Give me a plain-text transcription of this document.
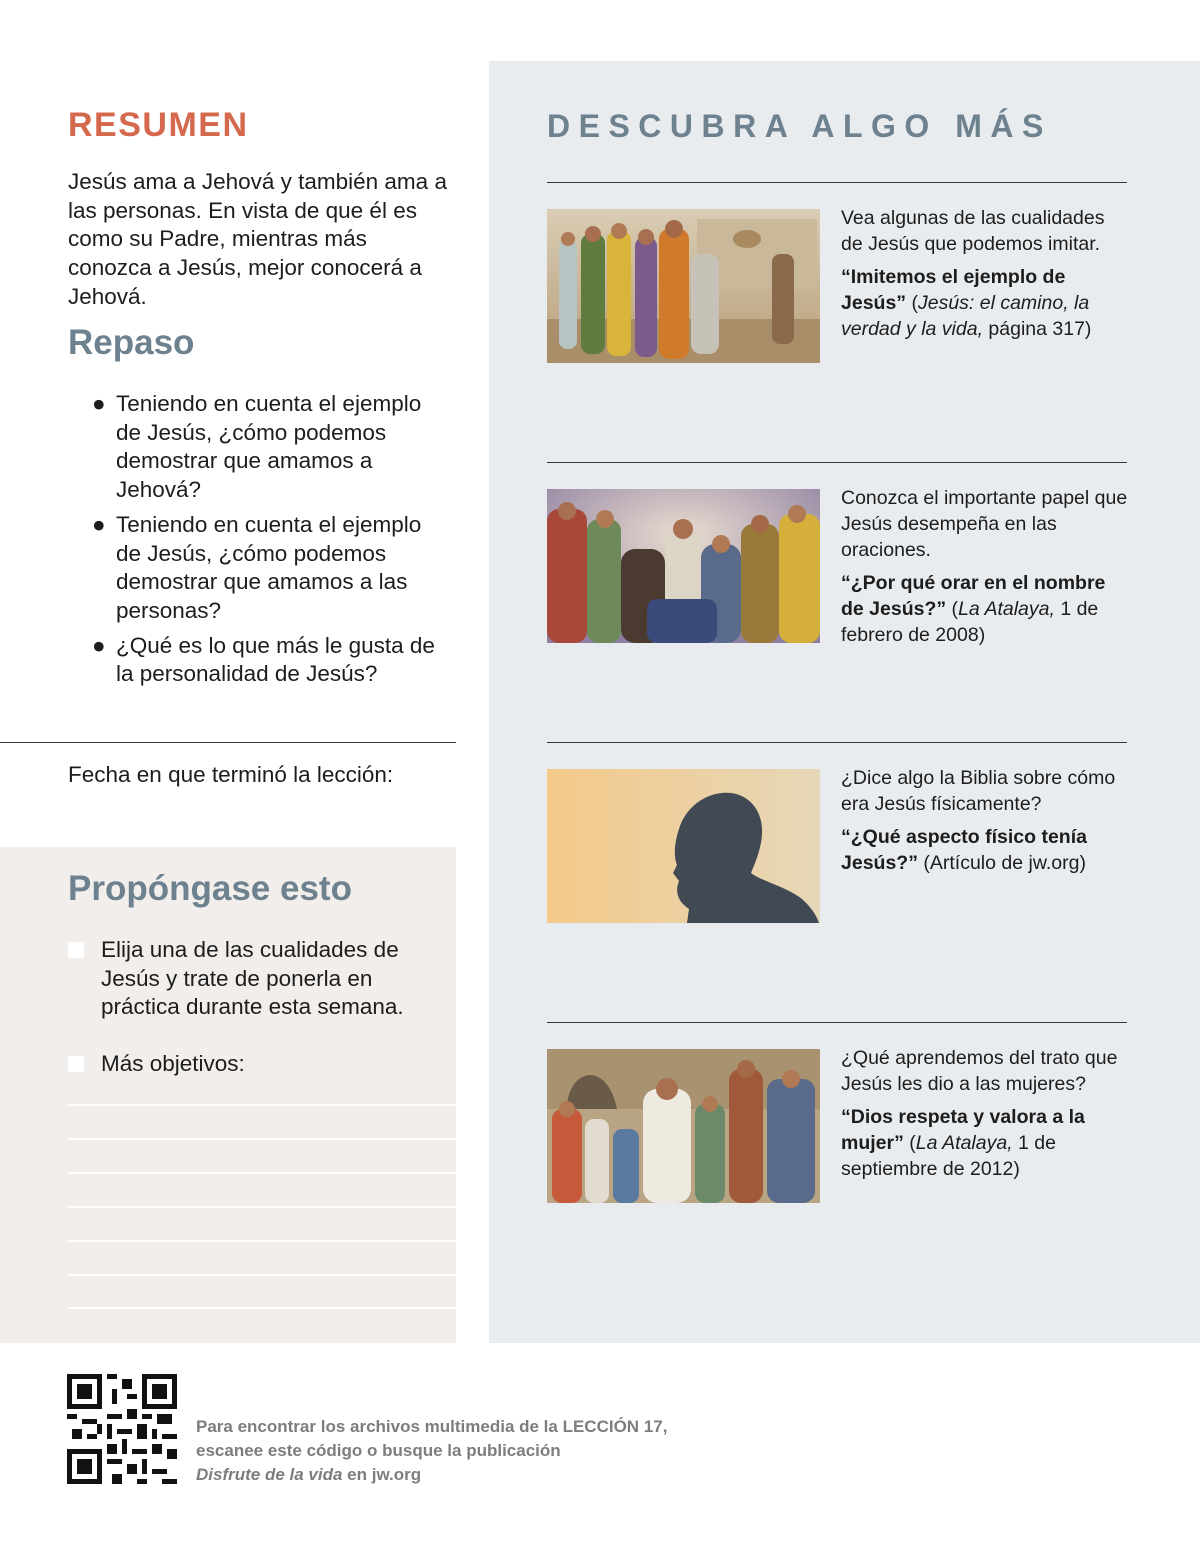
RESUMEN

Jesús ama a Jehová y también ama a las personas. En vista de que él es como su Padre, mientras más conozca a Jesús, mejor conocerá a Jehová.

Repaso
● Teniendo en cuenta el ejemplo de Jesús, ¿cómo podemos demostrar que amamos a Jehová?
● Teniendo en cuenta el ejemplo de Jesús, ¿cómo podemos demostrar que amamos a las personas?
● ¿Qué es lo que más le gusta de la personalidad de Jesús?

Fecha en que terminó la lección:

Propóngase esto
Elija una de las cualidades de Jesús y trate de ponerla en práctica durante esta semana.
Más objetivos:
DESCUBRA ALGO MÁS

Vea algunas de las cualidades de Jesús que podemos imitar.

“Imitemos el ejemplo de Jesús” (Jesús: el camino, la verdad y la vida, página 317)

Conozca el importante papel que Jesús desempeña en las oraciones.

“¿Por qué orar en el nombre de Jesús?” (La Atalaya, 1 de febrero de 2008)

¿Dice algo la Biblia sobre cómo era Jesús físicamente?

“¿Qué aspecto físico tenía Jesús?” (Artículo de jw.org)

¿Qué aprendemos del trato que Jesús les dio a las mujeres?

“Dios respeta y valora a la mujer” (La Atalaya, 1 de septiembre de 2012)

Para encontrar los archivos multimedia de la LECCIÓN 17,
escanee este código o busque la publicación
Disfrute de la vida en jw.org
